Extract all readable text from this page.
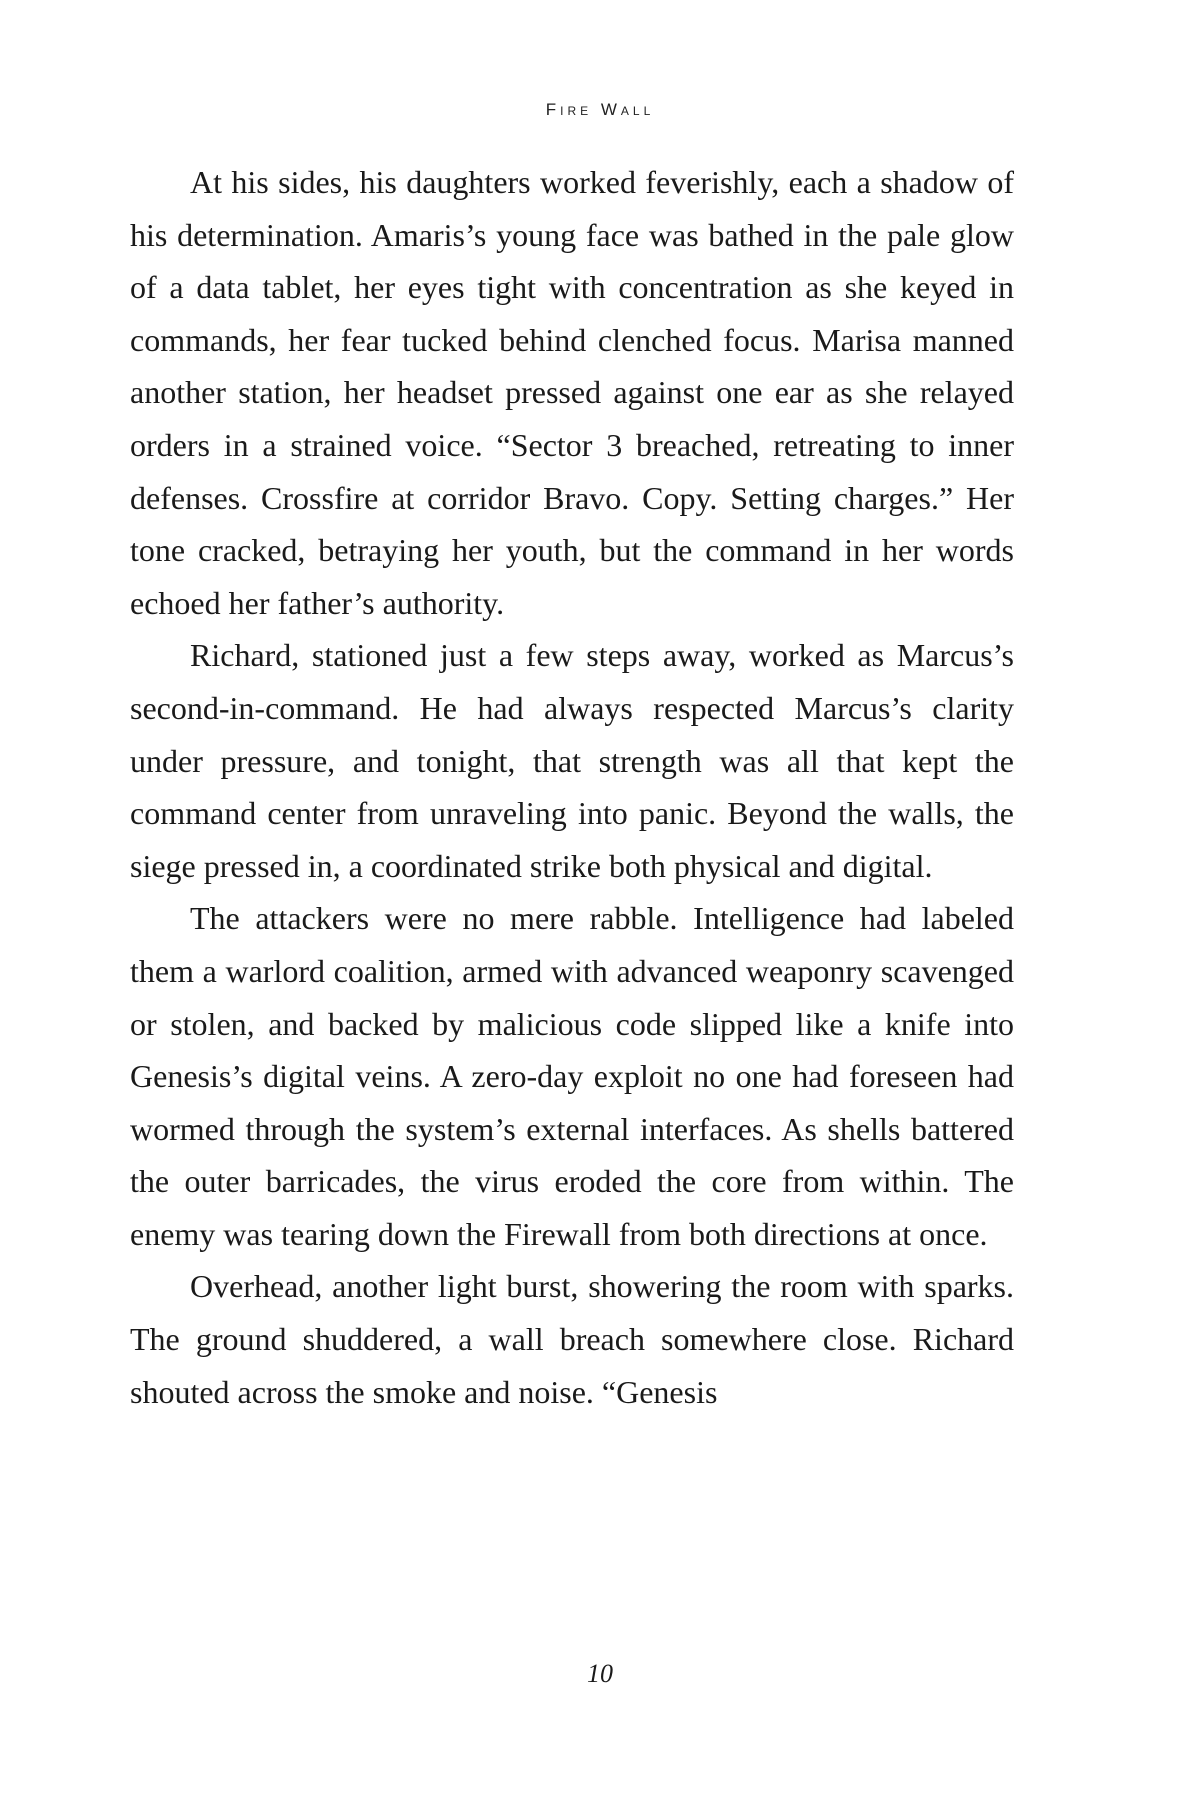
Fire Wall

At his sides, his daughters worked feverishly, each a shadow of his determination. Amaris’s young face was bathed in the pale glow of a data tablet, her eyes tight with concentration as she keyed in commands, her fear tucked behind clenched focus. Marisa manned another station, her headset pressed against one ear as she relayed orders in a strained voice. “Sector 3 breached, retreating to inner defenses. Crossfire at corridor Bravo. Copy. Setting charges.” Her tone cracked, betraying her youth, but the command in her words echoed her father’s authority.

Richard, stationed just a few steps away, worked as Marcus’s second-in-command. He had always respected Marcus’s clarity under pressure, and tonight, that strength was all that kept the command center from unraveling into panic. Beyond the walls, the siege pressed in, a coordinated strike both physical and digital.

The attackers were no mere rabble. Intelligence had labeled them a warlord coalition, armed with advanced weaponry scavenged or stolen, and backed by malicious code slipped like a knife into Genesis’s digital veins. A zero-day exploit no one had foreseen had wormed through the system’s external interfaces. As shells battered the outer barricades, the virus eroded the core from within. The enemy was tearing down the Firewall from both directions at once.

Overhead, another light burst, showering the room with sparks. The ground shuddered, a wall breach somewhere close. Richard shouted across the smoke and noise. “Genesis

10
